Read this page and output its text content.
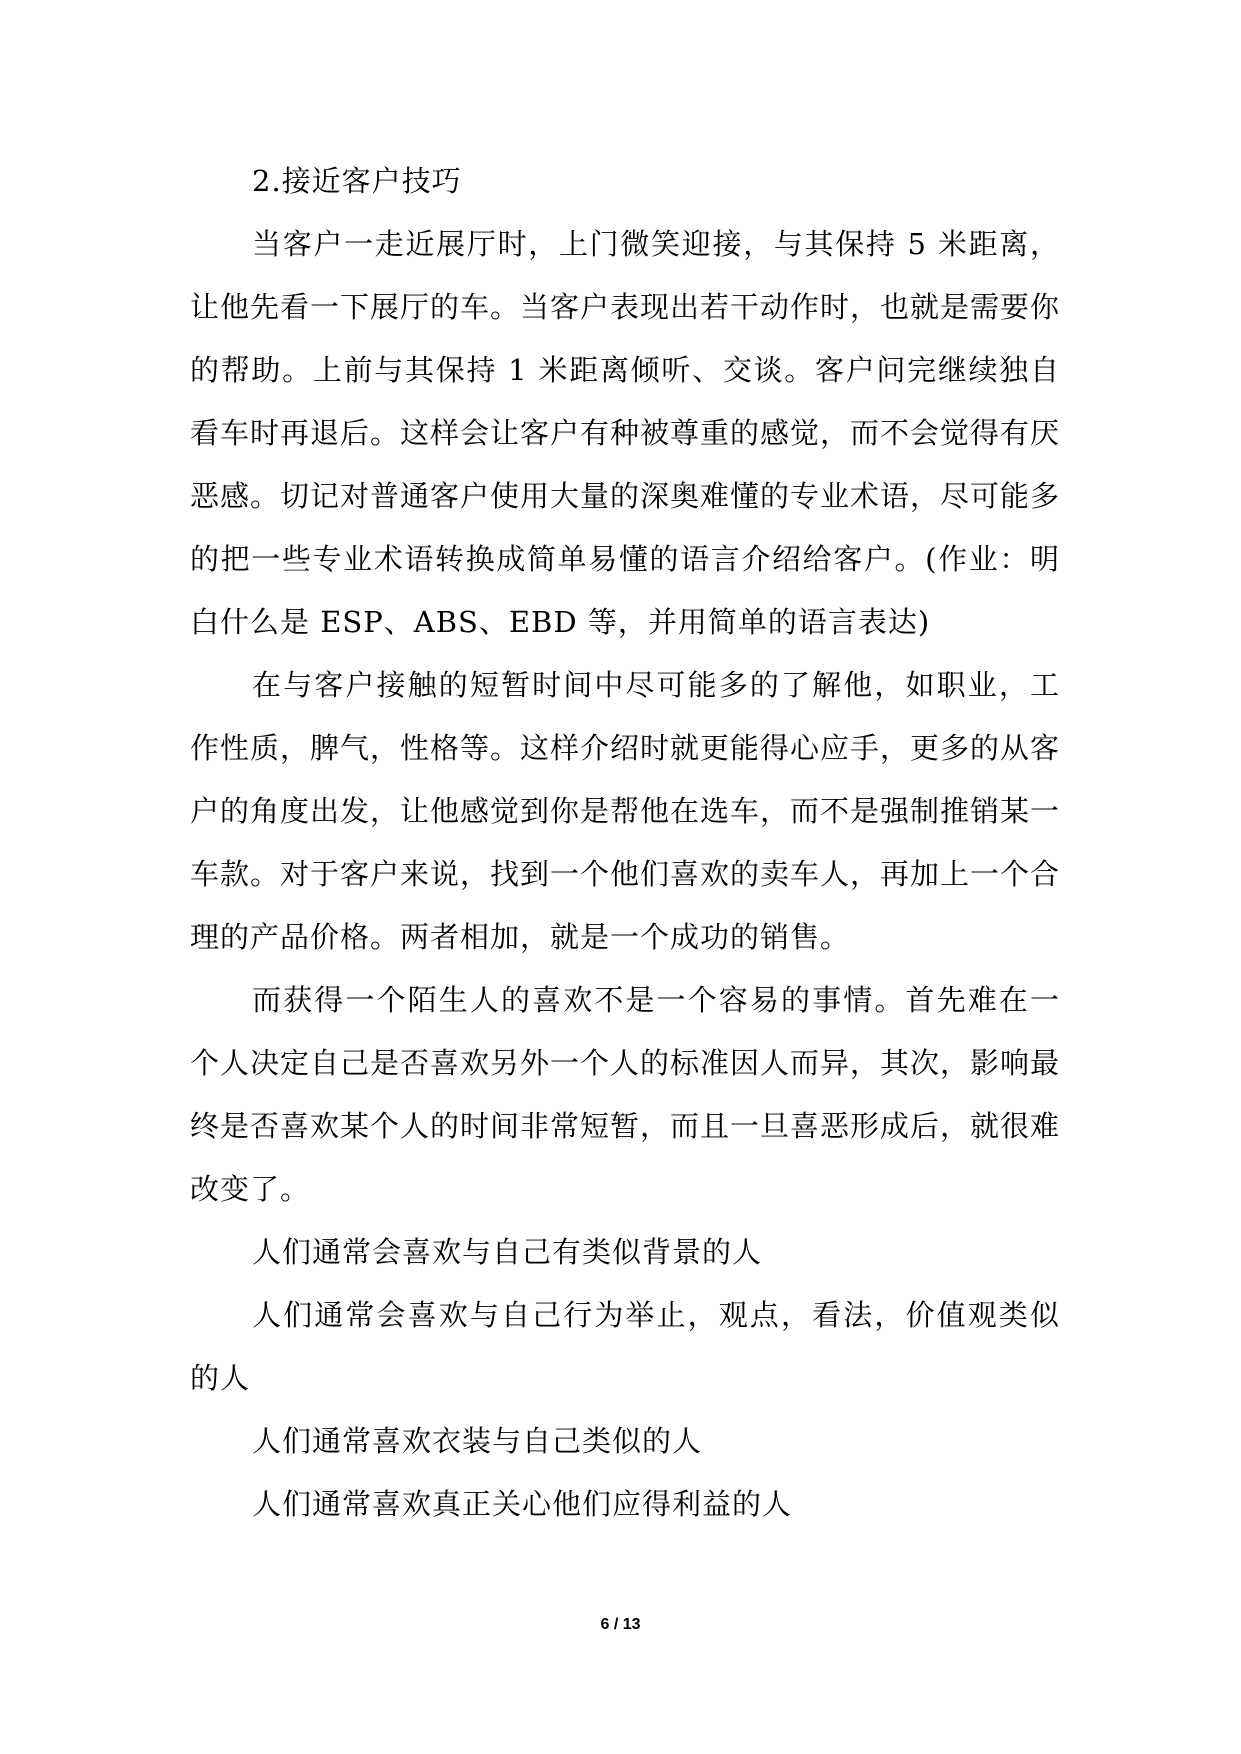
2.接近客户技巧

当客户一走近展厅时，上门微笑迎接，与其保持 5 米距离，让他先看一下展厅的车。当客户表现出若干动作时，也就是需要你的帮助。上前与其保持 1 米距离倾听、交谈。客户问完继续独自看车时再退后。这样会让客户有种被尊重的感觉，而不会觉得有厌恶感。切记对普通客户使用大量的深奥难懂的专业术语，尽可能多的把一些专业术语转换成简单易懂的语言介绍给客户。(作业：明白什么是 ESP、ABS、EBD 等，并用简单的语言表达)

在与客户接触的短暂时间中尽可能多的了解他，如职业，工作性质，脾气，性格等。这样介绍时就更能得心应手，更多的从客户的角度出发，让他感觉到你是帮他在选车，而不是强制推销某一车款。对于客户来说，找到一个他们喜欢的卖车人，再加上一个合理的产品价格。两者相加，就是一个成功的销售。

而获得一个陌生人的喜欢不是一个容易的事情。首先难在一个人决定自己是否喜欢另外一个人的标准因人而异，其次，影响最终是否喜欢某个人的时间非常短暂，而且一旦喜恶形成后，就很难改变了。

人们通常会喜欢与自己有类似背景的人

人们通常会喜欢与自己行为举止，观点，看法，价值观类似的人

人们通常喜欢衣装与自己类似的人

人们通常喜欢真正关心他们应得利益的人

6 / 13
